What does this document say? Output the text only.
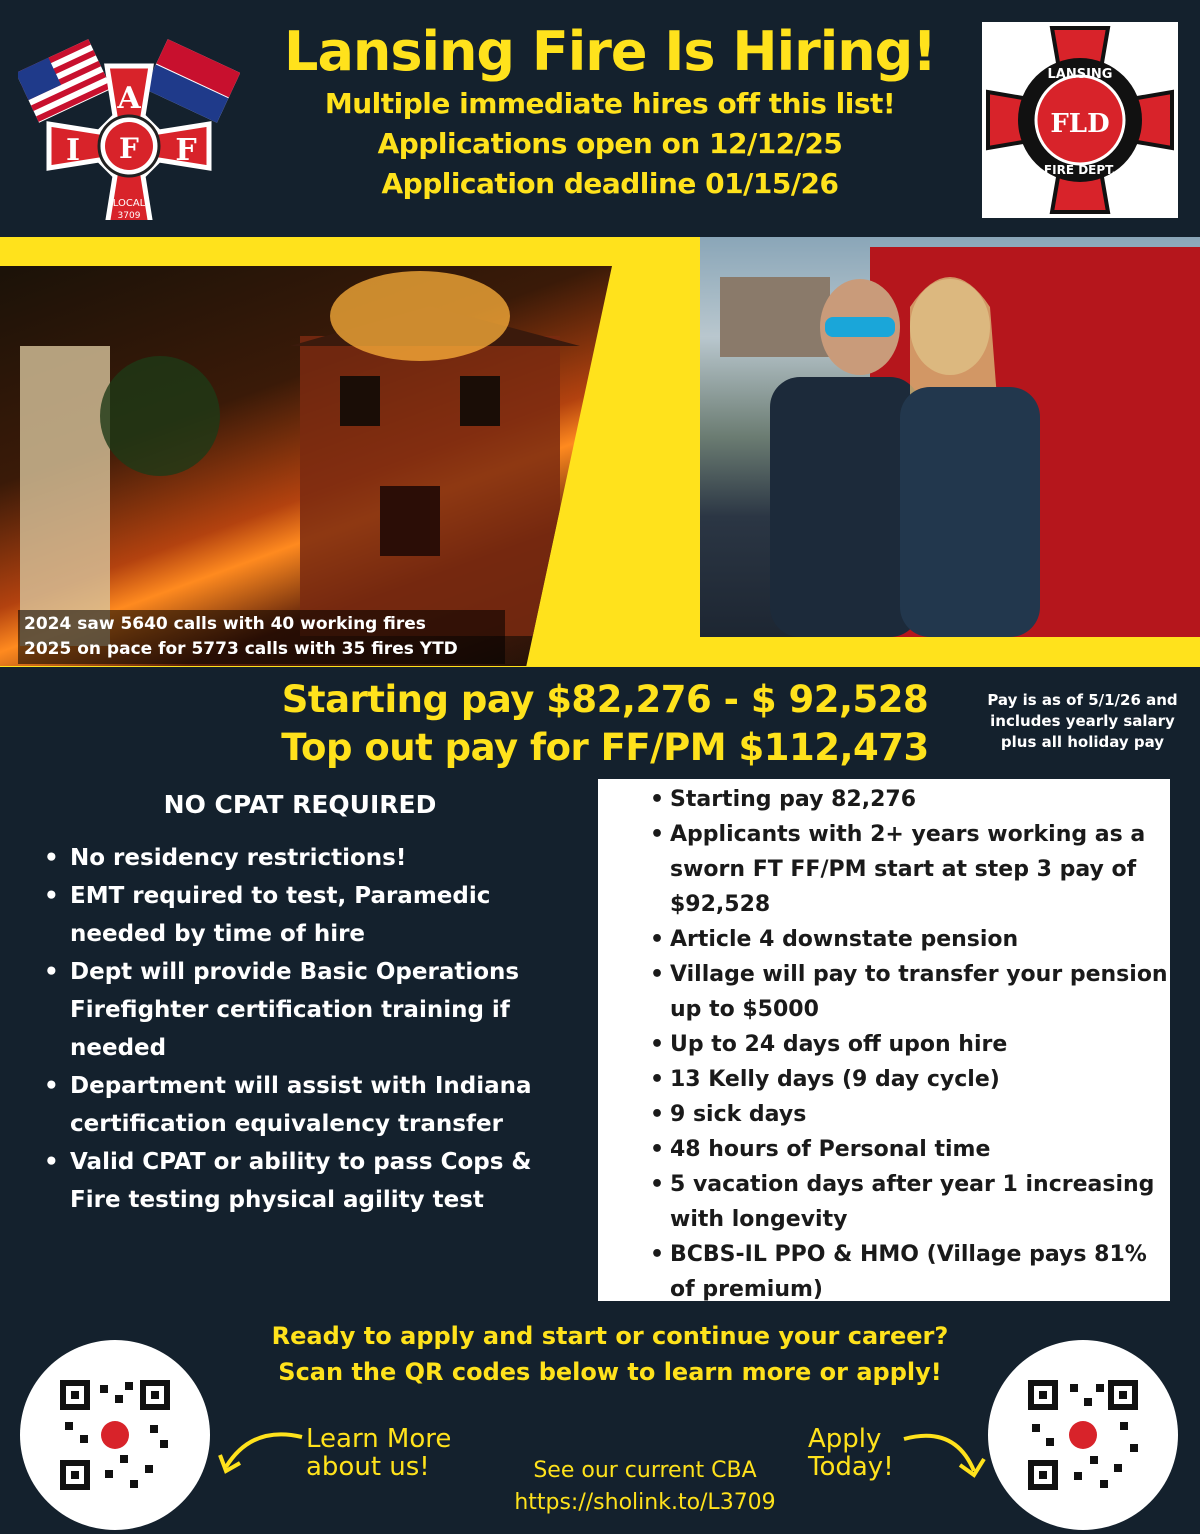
A
I F F
LOCAL
3709
Lansing Fire Is Hiring!
Multiple immediate hires off this list!
Applications open on 12/12/25
Application deadline 01/15/26
LANSING
FLD
FIRE DEPT.
2024 saw 5640 calls with 40 working fires
2025 on pace for 5773 calls with 35 fires YTD
Starting pay $82,276 - $ 92,528
Top out pay for FF/PM $112,473
Pay is as of 5/1/26 and includes yearly salary plus all holiday pay
NO CPAT REQUIRED
• No residency restrictions!
• EMT required to test, Paramedic needed by time of hire
• Dept will provide Basic Operations Firefighter certification training if needed
• Department will assist with Indiana certification equivalency transfer
• Valid CPAT or ability to pass Cops & Fire testing physical agility test
• Starting pay 82,276
• Applicants with 2+ years working as a sworn FT FF/PM start at step 3 pay of $92,528
• Article 4 downstate pension
• Village will pay to transfer your pension up to $5000
• Up to 24 days off upon hire
• 13 Kelly days (9 day cycle)
• 9 sick days
• 48 hours of Personal time
• 5 vacation days after year 1 increasing with longevity
• BCBS-IL PPO & HMO (Village pays 81% of premium)
Ready to apply and start or continue your career?
Scan the QR codes below to learn more or apply!
Learn More
about us!
Apply
Today!
See our current CBA
https://sholink.to/L3709
